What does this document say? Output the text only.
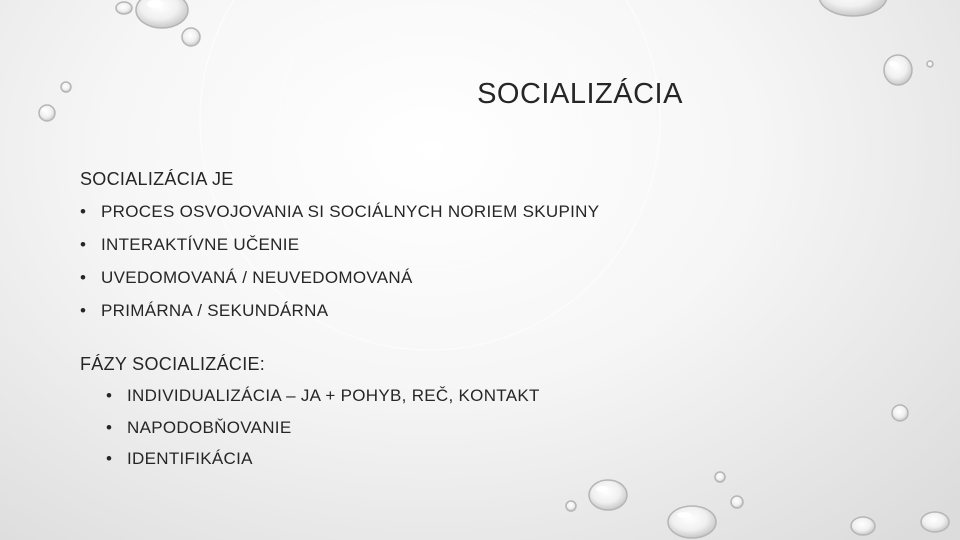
SOCIALIZÁCIA

SOCIALIZÁCIA JE

• PROCES OSVOJOVANIA SI SOCIÁLNYCH NORIEM SKUPINY
• INTERAKTÍVNE UČENIE
• UVEDOMOVANÁ / NEUVEDOMOVANÁ
• PRIMÁRNA / SEKUNDÁRNA

FÁZY SOCIALIZÁCIE:

• INDIVIDUALIZÁCIA – JA + POHYB, REČ, KONTAKT
• NAPODOBŇOVANIE
• IDENTIFIKÁCIA
